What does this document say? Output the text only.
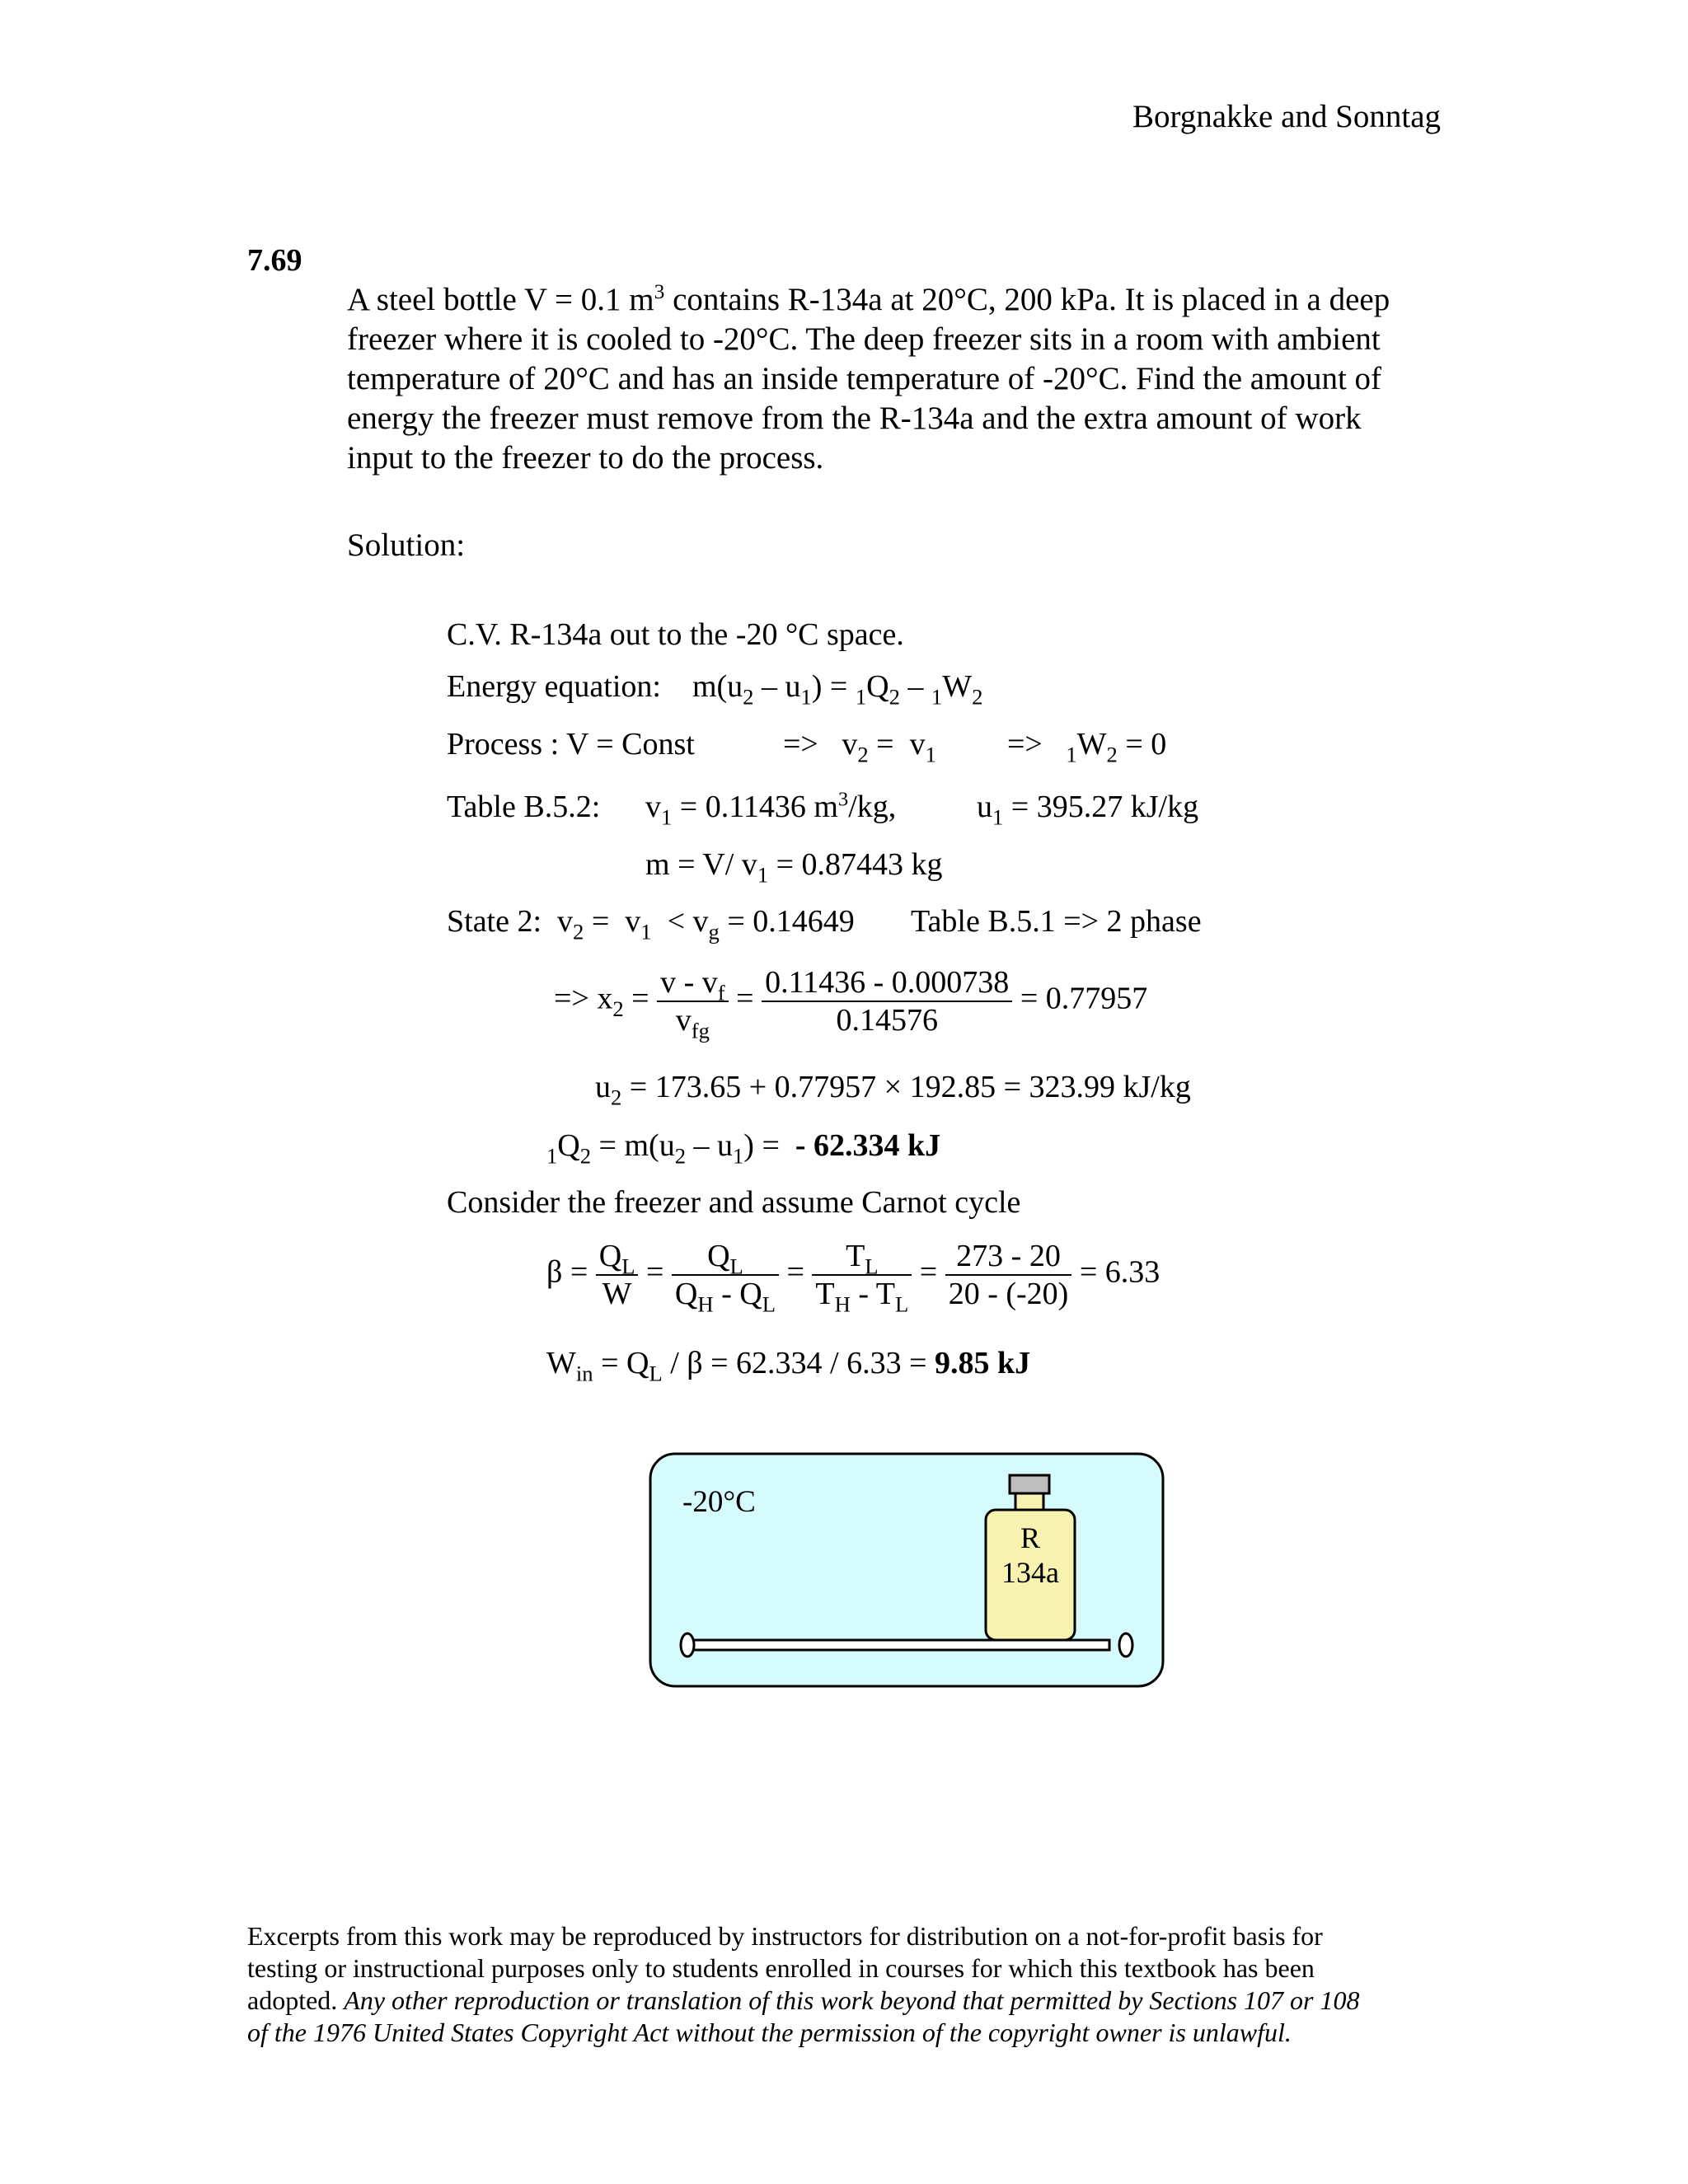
Borgnakke and Sonntag
7.69
A steel bottle V = 0.1 $m^3$ contains R-134a at 20°C, 200 kPa. It is placed in a deep
freezer where it is cooled to -20°C. The deep freezer sits in a room with ambient
temperature of 20°C and has an inside temperature of -20°C. Find the amount of
energy the freezer must remove from the R-134a and the extra amount of work
input to the freezer to do the process.
Solution:
C.V. R-134a out to the -20 °C space.
Energy equation:    $m(u_2 - u_1) = _1Q_2 - _1W_2$
Process : V = Const	=>   $v_2 = v_1 => _1W_2 = 0$
Table B.5.2: $v_1 = 0.11436$ $m^3/kg$,	$u_1 = 395.27$ kJ/kg
m = V/ $v_1 = 0.87443$ kg
State 2:  $v_2 = v_1 < v_g = 0.14649$ Table B.5.1 => 2 phase
=> $x_2 = \frac{v - v_f}{v_{fg}} = \frac{0.11436 - 0.000738}{0.14576} = 0.77957$
$u_2 = 173.65 + 0.77957 \times 192.85 = 323.99$ kJ/kg
$_1Q_2 = m(u_2 - u_1)$ =  - 62.334 kJ
Consider the freezer and assume Carnot cycle
$\beta = \frac{Q_L}{W} = \frac{Q_L}{Q_H - Q_L} = \frac{T_L}{T_H - T_L} = \frac{273 - 20}{20 - (-20)} = 6.33$
$W_{in} = Q_L / \beta = 62.334 / 6.33 = 9.85$ kJ
-20°C
R
134a
Excerpts from this work may be reproduced by instructors for distribution on a not-for-profit basis for
testing or instructional purposes only to students enrolled in courses for which this textbook has been
adopted. Any other reproduction or translation of this work beyond that permitted by Sections 107 or 108
of the 1976 United States Copyright Act without the permission of the copyright owner is unlawful.
